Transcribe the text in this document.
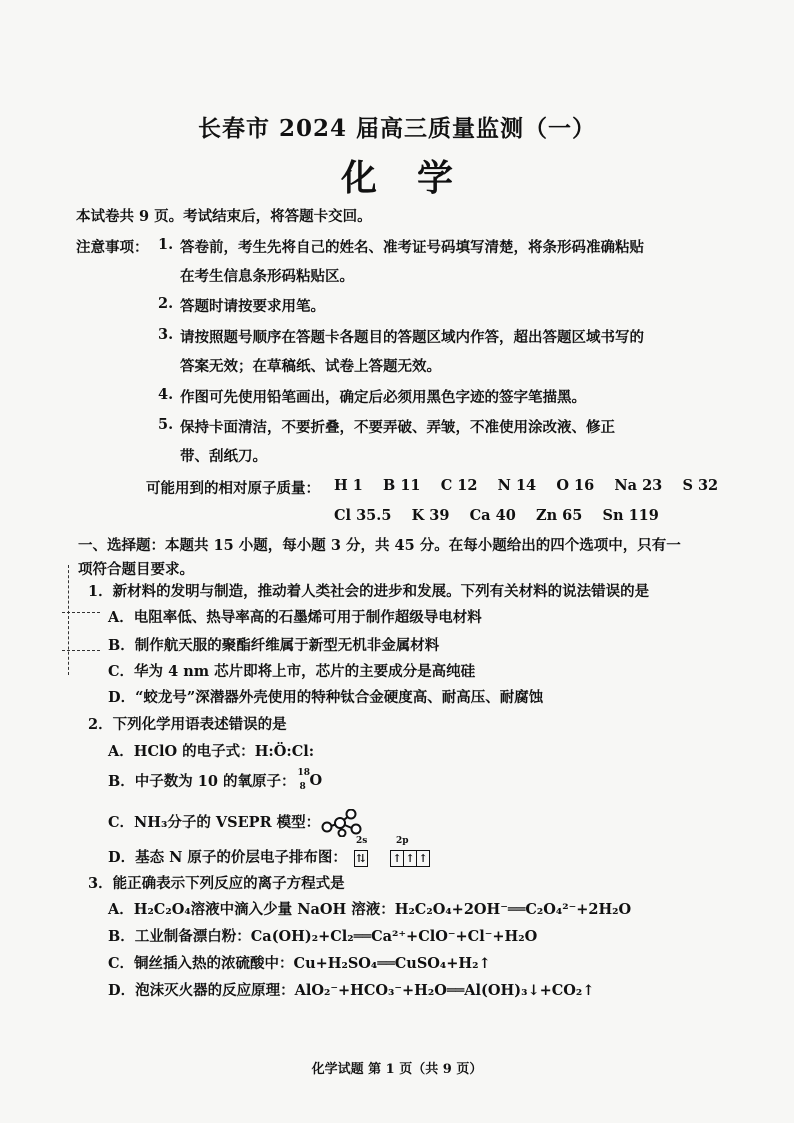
长春市 2024 届高三质量监测（一）
化学
本试卷共 9 页。考试结束后，将答题卡交回。
注意事项： 1. 答卷前，考生先将自己的姓名、准考证号码填写清楚，将条形码准确粘贴
在考生信息条形码粘贴区。
2. 答题时请按要求用笔。
3. 请按照题号顺序在答题卡各题目的答题区域内作答，超出答题区域书写的
答案无效；在草稿纸、试卷上答题无效。
4. 作图可先使用铅笔画出，确定后必须用黑色字迹的签字笔描黑。
5. 保持卡面清洁，不要折叠，不要弄破、弄皱，不准使用涂改液、修正
带、刮纸刀。
可能用到的相对原子质量： H 1    B 11    C 12    N 14    O 16    Na 23    S 32
Cl 35.5    K 39    Ca 40    Zn 65    Sn 119
一、选择题：本题共 15 小题，每小题 3 分，共 45 分。在每小题给出的四个选项中，只有一
项符合题目要求。
1．新材料的发明与制造，推动着人类社会的进步和发展。下列有关材料的说法错误的是
A．电阻率低、热导率高的石墨烯可用于制作超级导电材料
B．制作航天服的聚酯纤维属于新型无机非金属材料
C．华为 4 nm 芯片即将上市，芯片的主要成分是高纯硅
D．“蛟龙号”深潜器外壳使用的特种钛合金硬度高、耐高压、耐腐蚀
2．下列化学用语表述错误的是
A．HClO 的电子式：H:Ö:Cl:
B．中子数为 10 的氧原子： 18
8 O
C．NH₃分子的 VSEPR 模型：
D．基态 N 原子的价层电子排布图：
2s
⇅
2p
↑ ↑ ↑
3．能正确表示下列反应的离子方程式是
A．H₂C₂O₄溶液中滴入少量 NaOH 溶液：H₂C₂O₄+2OH⁻══C₂O₄²⁻+2H₂O
B．工业制备漂白粉：Ca(OH)₂+Cl₂══Ca²⁺+ClO⁻+Cl⁻+H₂O
C．铜丝插入热的浓硫酸中：Cu+H₂SO₄══CuSO₄+H₂↑
D．泡沫灭火器的反应原理：AlO₂⁻+HCO₃⁻+H₂O══Al(OH)₃↓+CO₂↑
化学试题 第 1 页（共 9 页）
